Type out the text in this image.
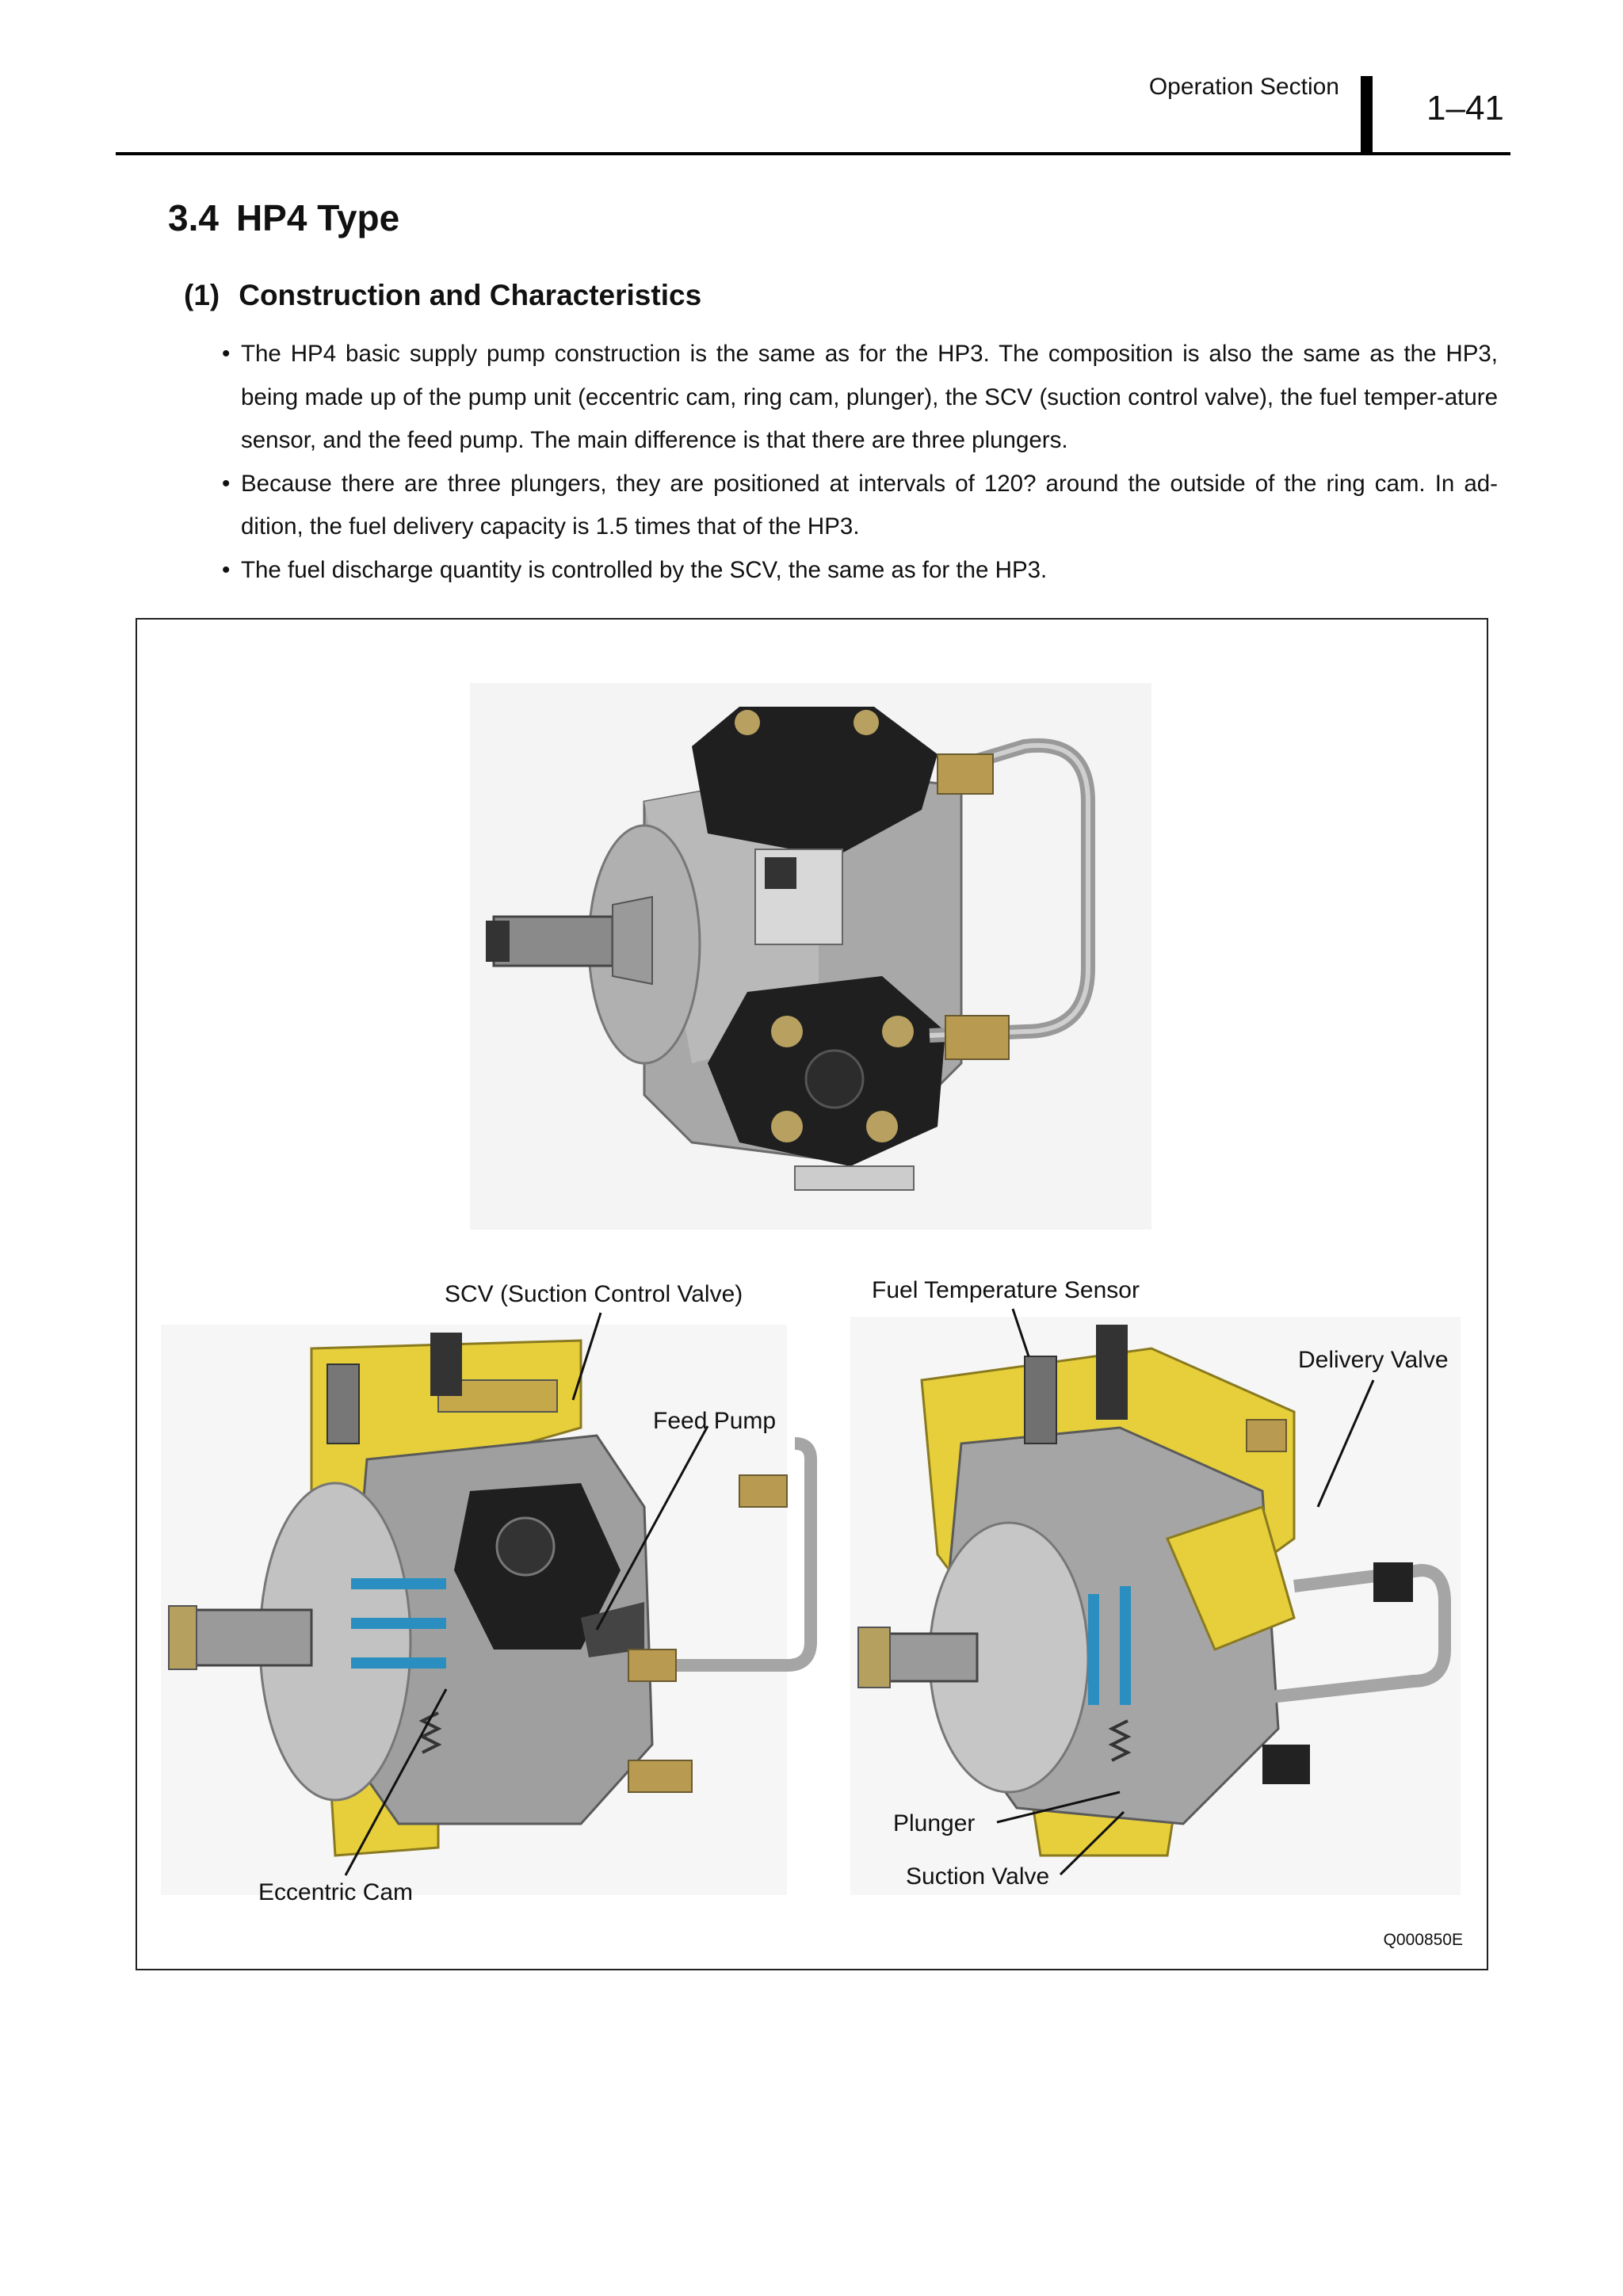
Operation Section
1–41
3.4 HP4 Type
(1) Construction and Characteristics
• The HP4 basic supply pump construction is the same as for the HP3. The composition is also the same as the HP3, being made up of the pump unit (eccentric cam, ring cam, plunger), the SCV (suction control valve), the fuel temper-ature sensor, and the feed pump. The main difference is that there are three plungers.
• Because there are three plungers, they are positioned at intervals of 120? around the outside of the ring cam. In ad-dition, the fuel delivery capacity is 1.5 times that of the HP3.
• The fuel discharge quantity is controlled by the SCV, the same as for the HP3.
SCV (Suction Control Valve)
Feed Pump
Eccentric Cam
Fuel Temperature Sensor
Delivery Valve
Plunger
Suction Valve
Q000850E
